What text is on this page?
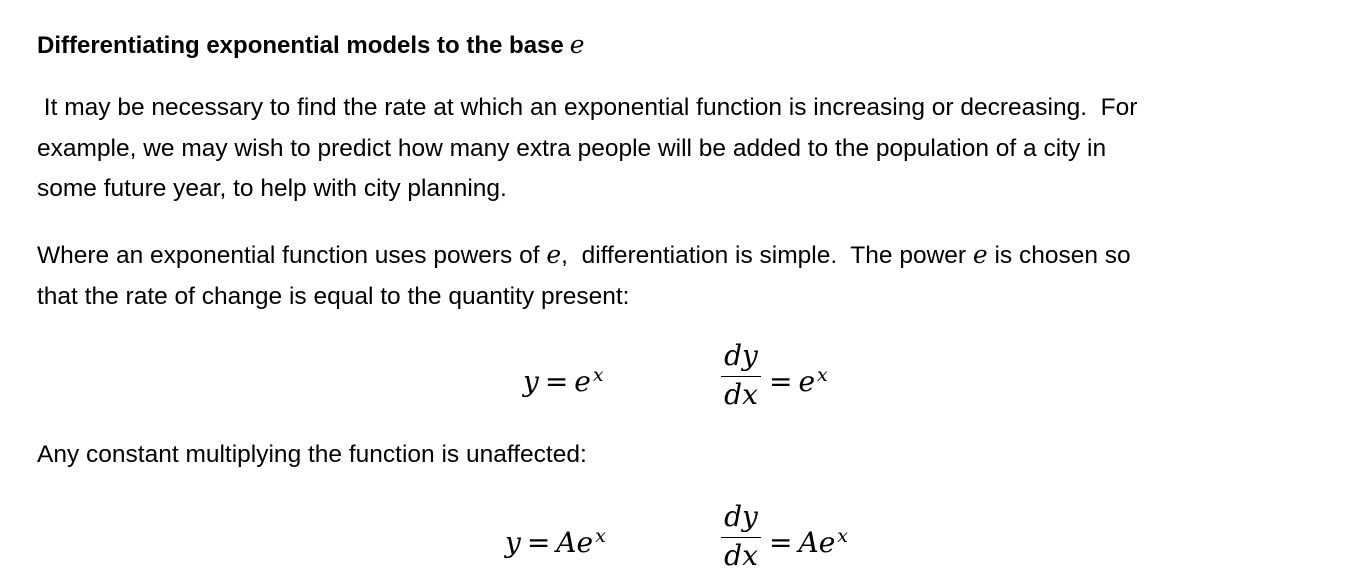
Differentiating exponential models to the base e
It may be necessary to find the rate at which an exponential function is increasing or decreasing.  For
example, we may wish to predict how many extra people will be added to the population of a city in
some future year, to help with city planning.
Where an exponential function uses powers of e,  differentiation is simple.  The power e is chosen so
that the rate of change is equal to the quantity present:
y = e $^x$
dy
dx = e $^x$
Any constant multiplying the function is unaffected:
y = Ae $^x$
dy
dx = Ae $^x$
